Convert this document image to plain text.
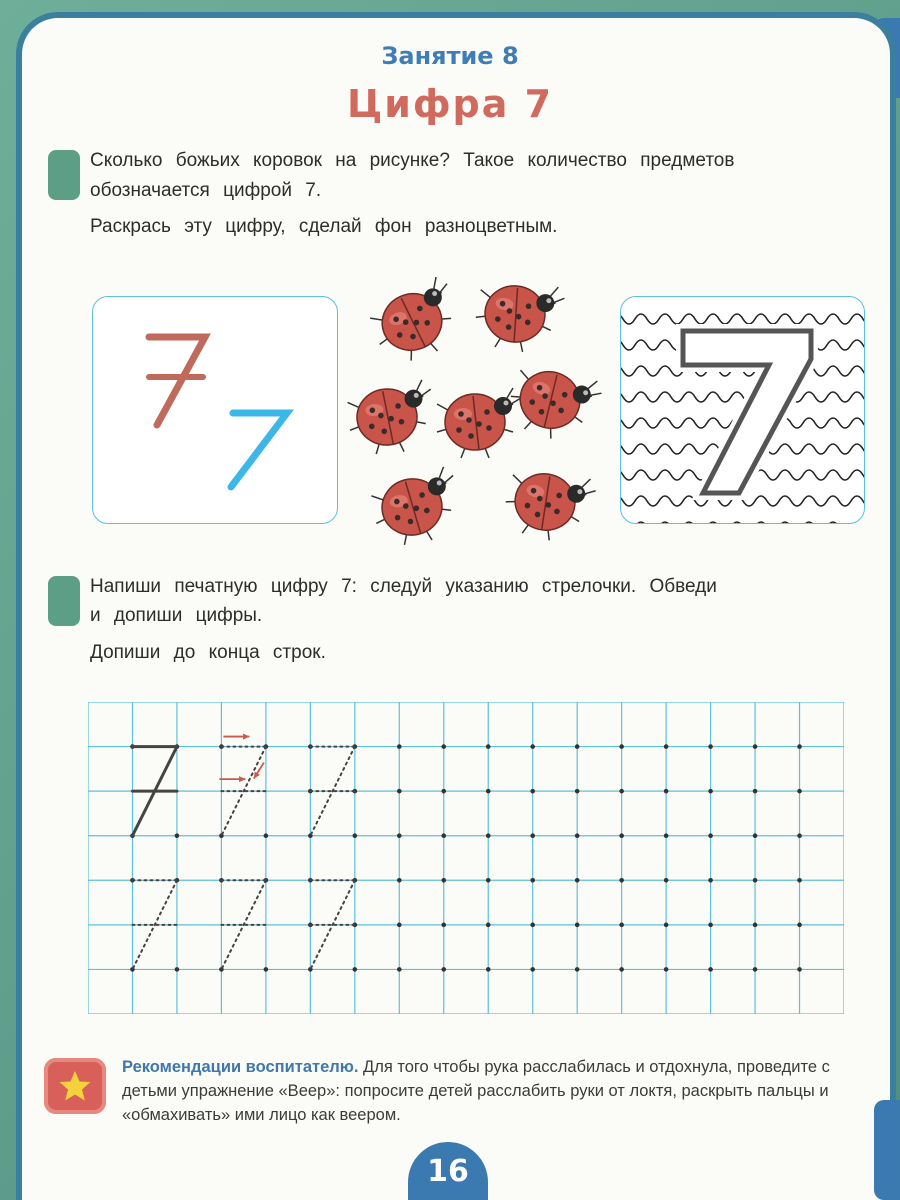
Занятие 8
Цифра 7
Сколько божьих коровок на рисунке? Такое количество предметов
обозначается цифрой 7.
Раскрась эту цифру, сделай фон разноцветным.
Напиши печатную цифру 7: следуй указанию стрелочки. Обведи
и допиши цифры.
Допиши до конца строк.
Рекомендации воспитателю. Для того чтобы рука расслабилась и отдохнула, проведите с детьми упражнение «Веер»: попросите детей расслабить руки от локтя, раскрыть пальцы и «обмахивать» ими лицо как веером.
16
